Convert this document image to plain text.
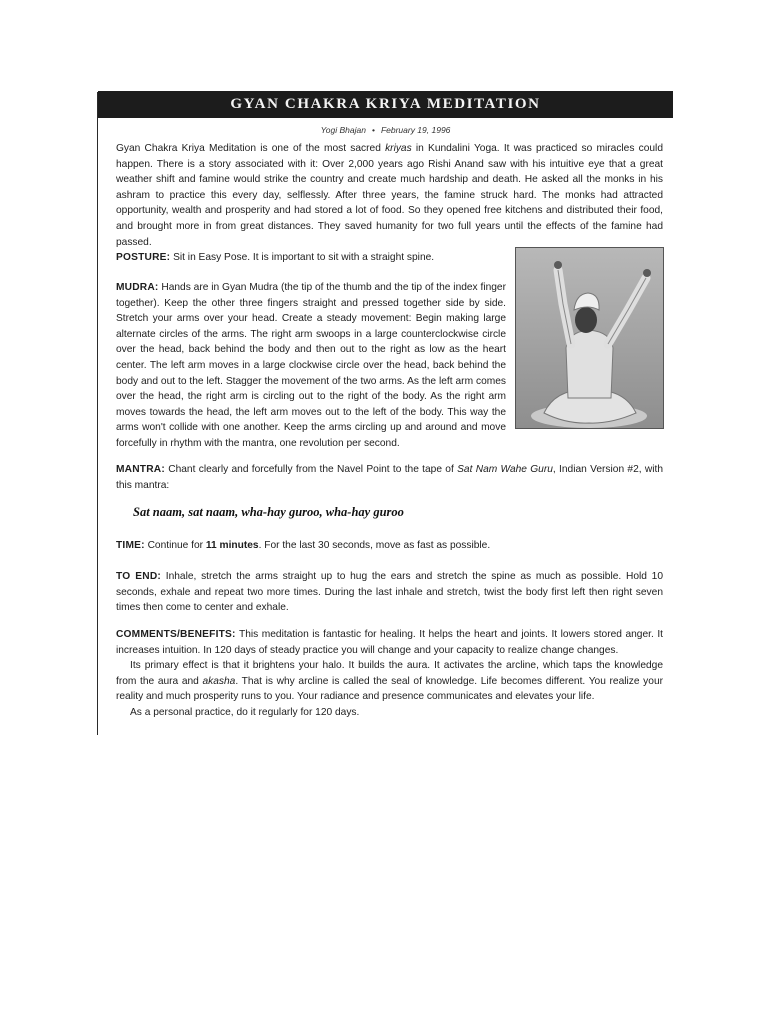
GYAN CHAKRA KRIYA MEDITATION
Yogi Bhajan • February 19, 1996
Gyan Chakra Kriya Meditation is one of the most sacred kriyas in Kundalini Yoga. It was practiced so miracles could happen. There is a story associated with it: Over 2,000 years ago Rishi Anand saw with his intuitive eye that a great weather shift and famine would strike the country and create much hardship and death. He asked all the monks in his ashram to practice this every day, selflessly. After three years, the famine struck hard. The monks had attracted opportunity, wealth and prosperity and had stored a lot of food. So they opened free kitchens and distributed their food, and brought more in from great distances. They saved humanity for two full years until the effects of the famine had passed.
POSTURE: Sit in Easy Pose. It is important to sit with a straight spine.
MUDRA: Hands are in Gyan Mudra (the tip of the thumb and the tip of the index finger together). Keep the other three fingers straight and pressed together side by side. Stretch your arms over your head. Create a steady movement: Begin making large alternate circles of the arms. The right arm swoops in a large counterclockwise circle over the head, back behind the body and then out to the right as low as the heart center. The left arm moves in a large clockwise circle over the head, back behind the body and out to the left. Stagger the movement of the two arms. As the left arm comes over the head, the right arm is circling out to the right of the body. As the right arm moves towards the head, the left arm moves out to the left of the body. This way the arms won't collide with one another. Keep the arms circling up and around and move forcefully in rhythm with the mantra, one revolution per second.
MANTRA: Chant clearly and forcefully from the Navel Point to the tape of Sat Nam Wahe Guru, Indian Version #2, with this mantra:
Sat naam, sat naam, wha-hay guroo, wha-hay guroo
TIME: Continue for 11 minutes. For the last 30 seconds, move as fast as possible.
TO END: Inhale, stretch the arms straight up to hug the ears and stretch the spine as much as possible. Hold 10 seconds, exhale and repeat two more times. During the last inhale and stretch, twist the body first left then right seven times then come to center and exhale.
COMMENTS/BENEFITS: This meditation is fantastic for healing. It helps the heart and joints. It lowers stored anger. It increases intuition. In 120 days of steady practice you will change and your capacity to realize change changes.
Its primary effect is that it brightens your halo. It builds the aura. It activates the arcline, which taps the knowledge from the aura and akasha. That is why arcline is called the seal of knowledge. Life becomes different. You realize your reality and much prosperity runs to you. Your radiance and presence communicates and elevates your life.
As a personal practice, do it regularly for 120 days.
